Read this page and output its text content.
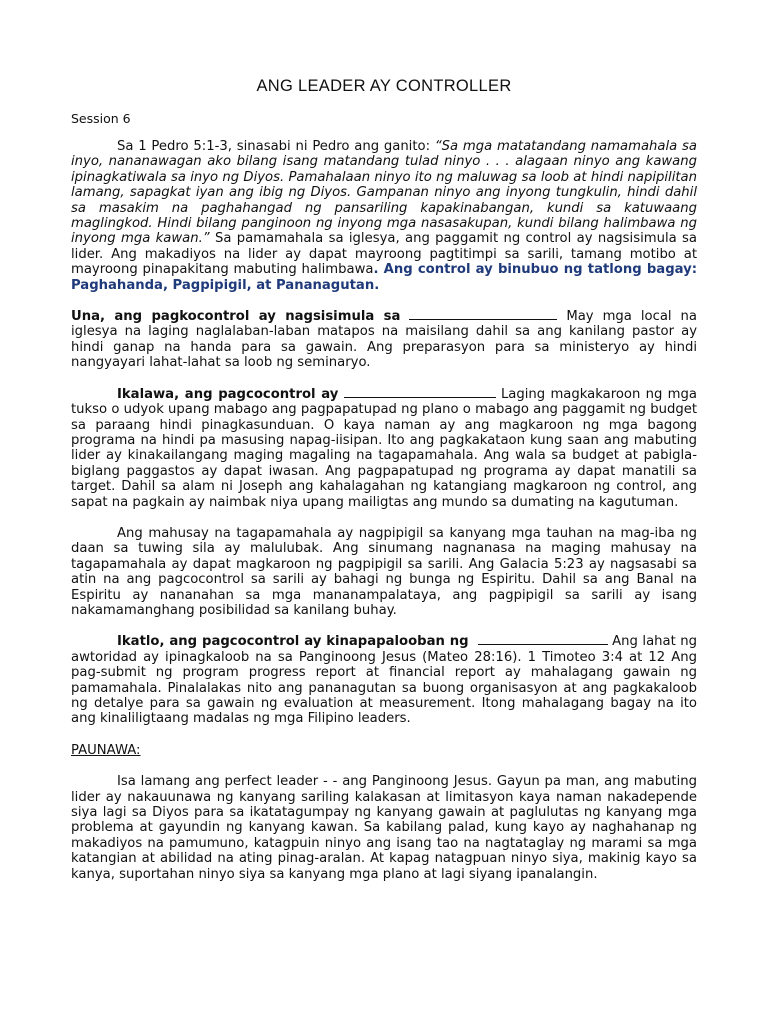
ANG LEADER AY CONTROLLER
Session 6

Sa 1 Pedro 5:1-3, sinasabi ni Pedro ang ganito: “Sa mga matatandang namamahala sa inyo, nananawagan ako bilang isang matandang tulad ninyo . . . alagaan ninyo ang kawang ipinagkatiwala sa inyo ng Diyos. Pamahalaan ninyo ito ng maluwag sa loob at hindi napipilitan lamang, sapagkat iyan ang ibig ng Diyos. Gampanan ninyo ang inyong tungkulin, hindi dahil sa masakim na paghahangad ng pansariling kapakinabangan, kundi sa katuwaang maglingkod. Hindi bilang panginoon ng inyong mga nasasakupan, kundi bilang halimbawa ng inyong mga kawan.” Sa pamamahala sa iglesya, ang paggamit ng control ay nagsisimula sa lider. Ang makadiyos na lider ay dapat mayroong pagtitimpi sa sarili, tamang motibo at mayroong pinapakitang mabuting halimbawa. Ang control ay binubuo ng tatlong bagay: Paghahanda, Pagpipigil, at Pananagutan.

Una, ang pagkocontrol ay nagsisimula sa	May mga local na iglesya na laging naglalaban-laban matapos na maisilang dahil sa ang kanilang pastor ay hindi ganap na handa para sa gawain. Ang preparasyon para sa ministeryo ay hindi nangyayari lahat-lahat sa loob ng seminaryo.

Ikalawa, ang pagcocontrol ay	Laging magkakaroon ng mga tukso o udyok upang mabago ang pagpapatupad ng plano o mabago ang paggamit ng budget sa paraang hindi pinagkasunduan. O kaya naman ay ang magkaroon ng mga bagong programa na hindi pa masusing napag-iisipan. Ito ang pagkakataon kung saan ang mabuting lider ay kinakailangang maging magaling na tagapamahala. Ang wala sa budget at pabigla-biglang paggastos ay dapat iwasan. Ang pagpapatupad ng programa ay dapat manatili sa target. Dahil sa alam ni Joseph ang kahalagahan ng katangiang magkaroon ng control, ang sapat na pagkain ay naimbak niya upang mailigtas ang mundo sa dumating na kagutuman.

Ang mahusay na tagapamahala ay nagpipigil sa kanyang mga tauhan na mag-iba ng daan sa tuwing sila ay malulubak. Ang sinumang nagnanasa na maging mahusay na tagapamahala ay dapat magkaroon ng pagpipigil sa sarili. Ang Galacia 5:23 ay nagsasabi sa atin na ang pagcocontrol sa sarili ay bahagi ng bunga ng Espiritu. Dahil sa ang Banal na Espiritu ay nananahan sa mga mananampalataya, ang pagpipigil sa sarili ay isang nakamamanghang posibilidad sa kanilang buhay.

Ikatlo, ang pagcocontrol ay kinapapalooban ng	Ang lahat ng awtoridad ay ipinagkaloob na sa Panginoong Jesus (Mateo 28:16). 1 Timoteo 3:4 at 12 Ang pag-submit ng program progress report at financial report ay mahalagang gawain ng pamamahala. Pinalalakas nito ang pananagutan sa buong organisasyon at ang pagkakaloob ng detalye para sa gawain ng evaluation at measurement. Itong mahalagang bagay na ito ang kinaliligtaang madalas ng mga Filipino leaders.

PAUNAWA:

Isa lamang ang perfect leader - - ang Panginoong Jesus. Gayun pa man, ang mabuting lider ay nakauunawa ng kanyang sariling kalakasan at limitasyon kaya naman nakadepende siya lagi sa Diyos para sa ikatatagumpay ng kanyang gawain at paglulutas ng kanyang mga problema at gayundin ng kanyang kawan. Sa kabilang palad, kung kayo ay naghahanap ng makadiyos na pamumuno, katagpuin ninyo ang isang tao na nagtataglay ng marami sa mga katangian at abilidad na ating pinag-aralan. At kapag natagpuan ninyo siya, makinig kayo sa kanya, suportahan ninyo siya sa kanyang mga plano at lagi siyang ipanalangin.
